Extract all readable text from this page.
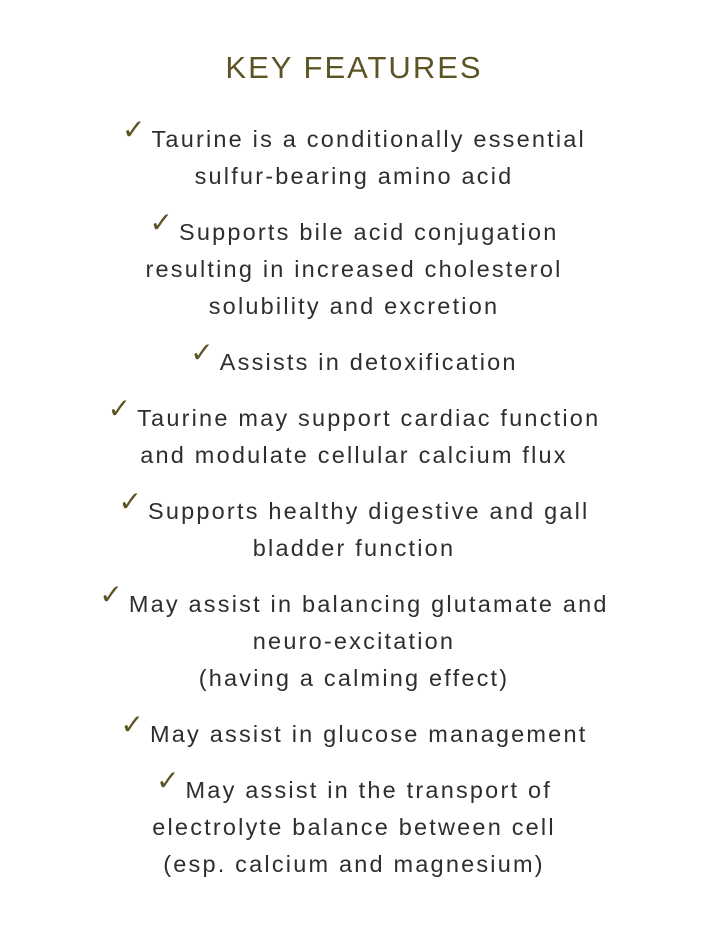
KEY FEATURES
✓ Taurine is a conditionally essential
sulfur-bearing amino acid
✓ Supports bile acid conjugation
resulting in increased cholesterol
solubility and excretion
✓ Assists in detoxification
✓ Taurine may support cardiac function
and modulate cellular calcium flux
✓ Supports healthy digestive and gall
bladder function
✓ May assist in balancing glutamate and
neuro-excitation
(having a calming effect)
✓ May assist in glucose management
✓ May assist in the transport of
electrolyte balance between cell
(esp. calcium and magnesium)
